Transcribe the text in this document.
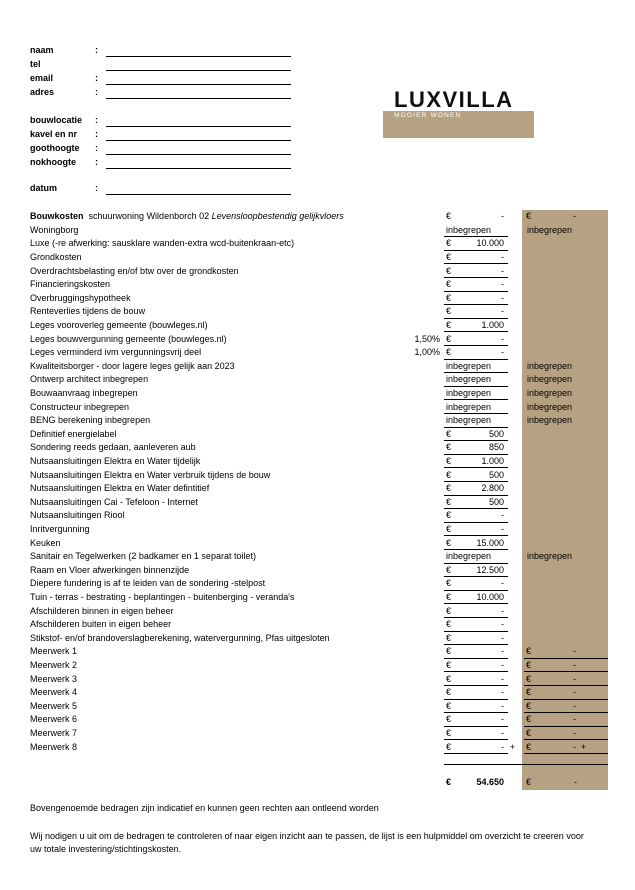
naam	:
tel
email	:
adres	:
bouwlocatie :
kavel en nr :
goothoogte :
nokhoogte :
datum	:
LUXVILLA
MOOIER WONEN
Bouwkosten schuurwoning Wildenborch 02 Levensloopbestendig gelijkvloers	€	- €	-
Woningborg	inbegrepen	inbegrepen
Luxe (-re afwerking: sausklare wanden-extra wcd-buitenkraan-etc)	€	10.000
Grondkosten	€	-
Overdrachtsbelasting en/of btw over de grondkosten	€	-
Financieringskosten	€	-
Overbruggingshypotheek	€	-
Renteverlies tijdens de bouw	€	-
Leges vooroverleg gemeente (bouwleges.nl)	€	1.000
Leges bouwvergunning gemeente (bouwleges.nl)	1,50% €	-
Leges verminderd ivm vergunningsvrij deel	1,00% €	-
Kwaliteitsborger - door lagere leges gelijk aan 2023	inbegrepen	inbegrepen
Ontwerp architect inbegrepen	inbegrepen	inbegrepen
Bouwaanvraag inbegrepen	inbegrepen	inbegrepen
Constructeur inbegrepen	inbegrepen	inbegrepen
BENG berekening inbegrepen	inbegrepen	inbegrepen
Definitief energielabel	€	500
Sondering reeds gedaan, aanleveren aub	€	850
Nutsaansluitingen Elektra en Water tijdelijk	€	1.000
Nutsaansluitingen Elektra en Water verbruik tijdens de bouw	€	500
Nutsaansluitingen Elektra en Water defintitief	€	2.800
Nutsaansluitingen Cai - Tefeloon - Internet	€	500
Nutsaansluitingen Riool	€	-
Inritvergunning	€	-
Keuken	€	15.000
Sanitair en Tegelwerken (2 badkamer en 1 separat toilet)	inbegrepen	inbegrepen
Raam en Vloer afwerkingen binnenzijde	€	12.500
Diepere fundering is af te leiden van de sondering -stelpost	€	-
Tuin - terras - bestrating - beplantingen - buitenberging - veranda's	€	10.000
Afschilderen binnen in eigen beheer	€	-
Afschilderen buiten in eigen beheer	€	-
Stikstof- en/of brandoverslagberekening, watervergunning, Pfas uitgesloten	€	-
Meerwerk 1	€	- €	-
Meerwerk 2	€	- €	-
Meerwerk 3	€	- €	-
Meerwerk 4	€	- €	-
Meerwerk 5	€	- €	-
Meerwerk 6	€	- €	-
Meerwerk 7	€	- €	-
Meerwerk 8	€	- + €	- +
€	54.650 €	-
Bovengenoemde bedragen zijn indicatief en kunnen geen rechten aan ontleend worden
Wij nodigen u uit om de bedragen te controleren of naar eigen inzicht aan te passen, de lijst is een hulpmiddel om overzicht te creeren voor uw totale investering/stichtingskosten.
